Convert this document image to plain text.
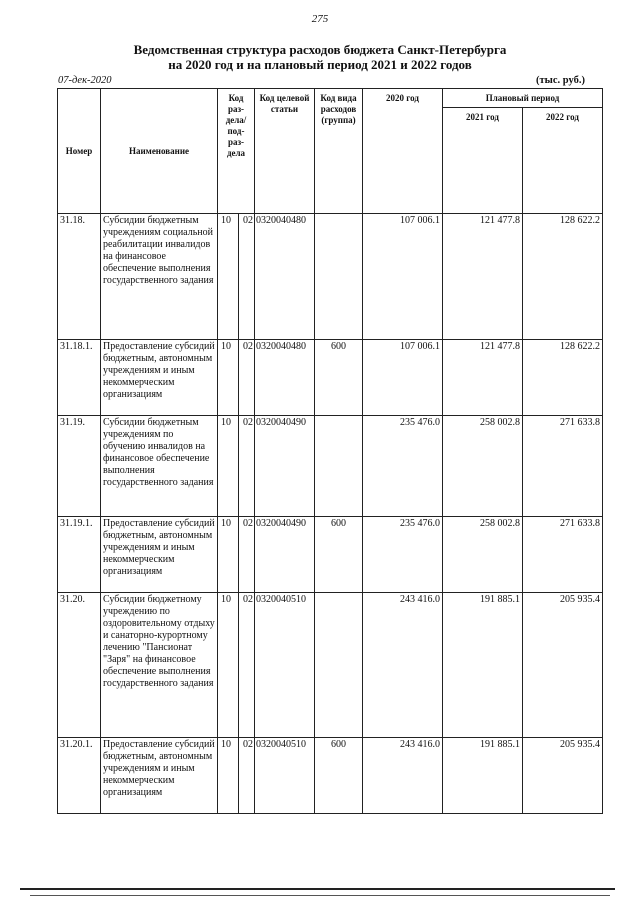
275
Ведомственная структура расходов бюджета Санкт-Петербурга
на 2020 год и на плановый период 2021 и 2022 годов
07-дек-2020	(тыс. руб.)
Номер	Наименование	Код раз-дела/под-раз-дела		Код целевой статьи	Код вида расходов (группа)	2020 год	Плановый период	
							2021 год	2022 год
31.18.	Субсидии бюджетным учреждениям социальной реабилитации инвалидов на финансовое обеспечение выполнения государственного задания	10	02	0320040480		107 006.1	121 477.8	128 622.2
31.18.1.	Предоставление субсидий бюджетным, автономным учреждениям и иным некоммерческим организациям	10	02	0320040480	600	107 006.1	121 477.8	128 622.2
31.19.	Субсидии бюджетным учреждениям по обучению инвалидов на финансовое обеспечение выполнения государственного задания	10	02	0320040490		235 476.0	258 002.8	271 633.8
31.19.1.	Предоставление субсидий бюджетным, автономным учреждениям и иным некоммерческим организациям	10	02	0320040490	600	235 476.0	258 002.8	271 633.8
31.20.	Субсидии бюджетному учреждению по оздоровительному отдыху и санаторно-курортному лечению "Пансионат "Заря" на финансовое обеспечение выполнения государственного задания	10	02	0320040510		243 416.0	191 885.1	205 935.4
31.20.1.	Предоставление субсидий бюджетным, автономным учреждениям и иным некоммерческим организациям	10	02	0320040510	600	243 416.0	191 885.1	205 935.4
